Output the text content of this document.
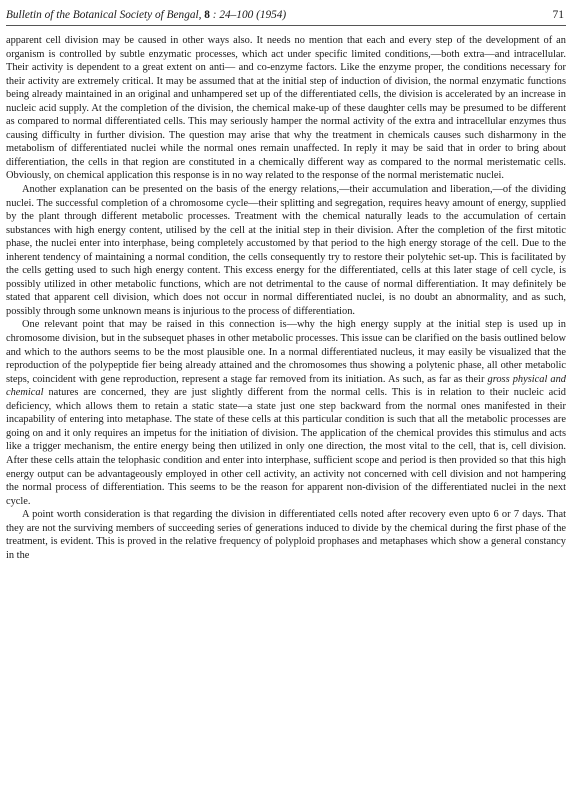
Bulletin of the Botanical Society of Bengal, 8 : 24–100 (1954)	71

apparent cell division may be caused in other ways also. It needs no mention that each and every step of the development of an organism is controlled by subtle enzymatic processes, which act under specific limited conditions,—both extra—and intracellular. Their activity is dependent to a great extent on anti— and co-enzyme factors. Like the enzyme proper, the conditions necessary for their activity are extremely critical. It may be assumed that at the initial step of induction of division, the normal enzymatic functions being already maintained in an original and unhampered set up of the differentiated cells, the division is accelerated by an increase in nucleic acid supply. At the completion of the division, the chemical make-up of these daughter cells may be presumed to be different as compared to normal differentiated cells. This may seriously hamper the normal activity of the extra and intracellular enzymes thus causing difficulty in further division. The question may arise that why the treatment in chemicals causes such disharmony in the metabolism of differentiated nuclei while the normal ones remain unaffected. In reply it may be said that in order to bring about differentiation, the cells in that region are constituted in a chemically different way as compared to the normal meristematic cells. Obviously, on chemical application this response is in no way related to the response of the normal meristematic nuclei.

Another explanation can be presented on the basis of the energy relations,—their accumulation and liberation,—of the dividing nuclei. The successful completion of a chromosome cycle—their splitting and segregation, requires heavy amount of energy, supplied by the plant through different metabolic processes. Treatment with the chemical naturally leads to the accumulation of certain substances with high energy content, utilised by the cell at the initial step in their division. After the completion of the first mitotic phase, the nuclei enter into interphase, being completely accustomed by that period to the high energy storage of the cell. Due to the inherent tendency of maintaining a normal condition, the cells consequently try to restore their polytehic set-up. This is facilitated by the cells getting used to such high energy content. This excess energy for the differentiated, cells at this later stage of cell cycle, is possibly utilized in other metabolic functions, which are not detrimental to the cause of normal differentiation. It may definitely be stated that apparent cell division, which does not occur in normal differentiated nuclei, is no doubt an abnormality, and as such, possibly through some unknown means is injurious to the process of differentiation.

One relevant point that may be raised in this connection is—why the high energy supply at the initial step is used up in chromosome division, but in the subsequet phases in other metabolic processes. This issue can be clarified on the basis outlined below and which to the authors seems to be the most plausible one. In a normal differentiated nucleus, it may easily be visualized that the reproduction of the polypeptide fier being already attained and the chromosomes thus showing a polytenic phase, all other metabolic steps, coincident with gene reproduction, represent a stage far removed from its initiation. As such, as far as their gross physical and chemical natures are concerned, they are just slightly different from the normal cells. This is in relation to their nucleic acid deficiency, which allows them to retain a static state—a state just one step backward from the normal ones manifested in their incapability of entering into metaphase. The state of these cells at this particular condition is such that all the metabolic processes are going on and it only requires an impetus for the initiation of division. The application of the chemical provides this stimulus and acts like a trigger mechanism, the entire energy being then utilized in only one direction, the most vital to the cell, that is, cell division. After these cells attain the telophasic condition and enter into interphase, sufficient scope and period is then provided so that this high energy output can be advantageously employed in other cell activity, an activity not concerned with cell division and not hampering the normal process of differentiation. This seems to be the reason for apparent non-division of the differentiated nuclei in the next cycle.

A point worth consideration is that regarding the division in differentiated cells noted after recovery even upto 6 or 7 days. That they are not the surviving members of succeeding series of generations induced to divide by the chemical during the first phase of the treatment, is evident. This is proved in the relative frequency of polyploid prophases and metaphases which show a general constancy in the
